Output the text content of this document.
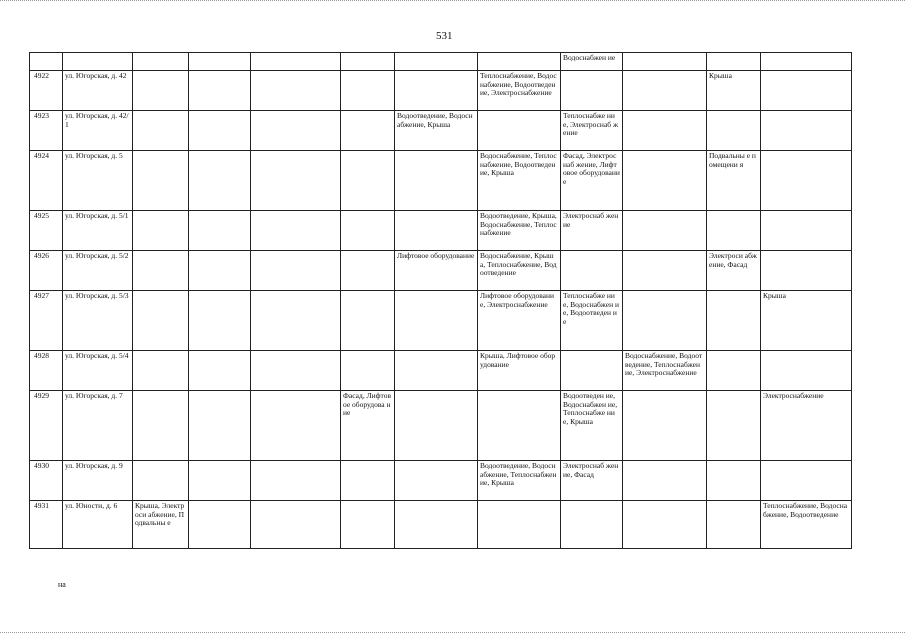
531
								Водоснабжен ие			
4922	ул. Югорская, д. 42						Теплоснабжение, Водоснабжение, Водоотведение, Электроснабжение			Крыша	
4923	ул. Югорская, д. 42/1					Водоотведение, Водоснабжение, Крыша		Теплоснабже ние, Электроснаб жение			
4924	ул. Югорская, д. 5						Водоснабжение, Теплоснабжение, Водоотведение, Крыша	Фасад, Электроснаб жение, Лифтовое оборудовани е		Подвальны е помещени я	
4925	ул. Югорская, д. 5/1						Водоотведение, Крыша, Водоснабжение, Теплоснабжение	Электроснаб жение			
4926	ул. Югорская, д. 5/2					Лифтовое оборудование	Водоснабжение, Крыша, Теплоснабжение, Водоотведение			Электроси абжение, Фасад	
4927	ул. Югорская, д. 5/3						Лифтовое оборудование, Электроснабжение	Теплоснабже ние, Водоснабжен ие, Водоотведен ие			Крыша
4928	ул. Югорская, д. 5/4						Крыша, Лифтовое оборудование		Водоснабжение, Водоотведение, Теплоснабжение, Электроснабжение		
4929	ул. Югорская, д. 7				Фасад, Лифтовое оборудова ние			Водоотведен ие, Водоснабжен ие, Теплоснабже ние, Крыша			Электроснабжение
4930	ул. Югорская, д. 9						Водоотведение, Водоснабжение, Теплоснабжение, Крыша	Электроснаб жение, Фасад			
4931	ул. Юности, д. 6	Крыша, Электроси абжение, Подвальны е									Теплоснабжение, Водоснабжение, Водоотведение
на
